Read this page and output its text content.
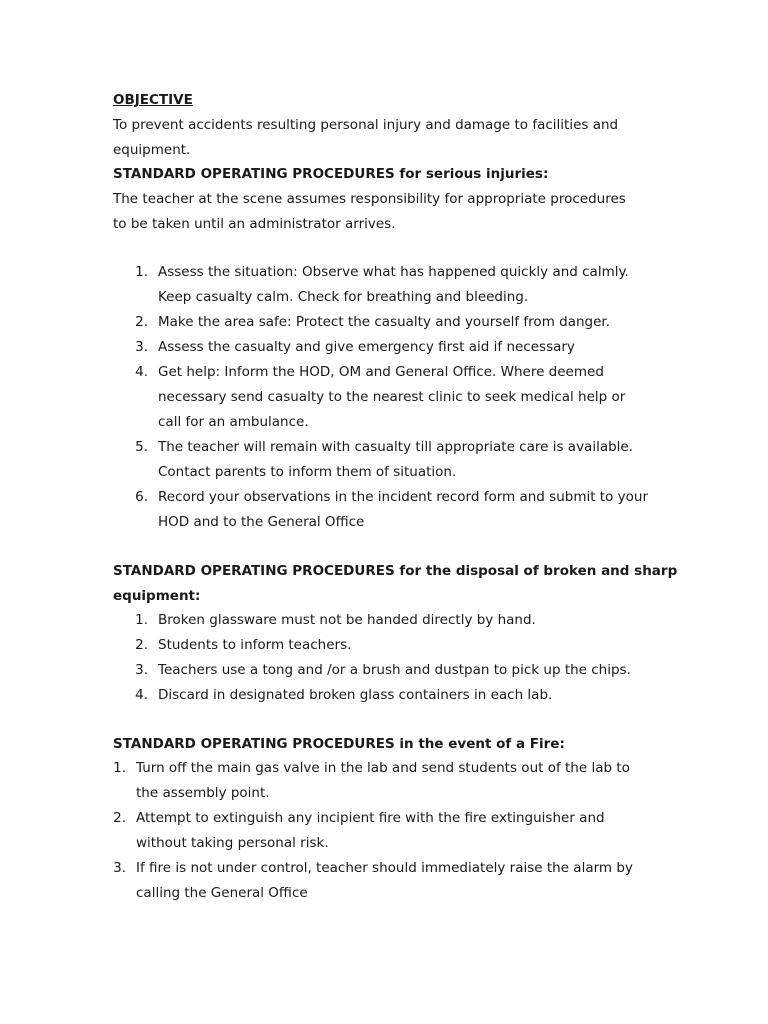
OBJECTIVE
To prevent accidents resulting personal injury and damage to facilities and equipment.
STANDARD OPERATING PROCEDURES for serious injuries:
The teacher at the scene assumes responsibility for appropriate procedures to be taken until an administrator arrives.
1. Assess the situation: Observe what has happened quickly and calmly. Keep casualty calm. Check for breathing and bleeding.
2. Make the area safe: Protect the casualty and yourself from danger.
3. Assess the casualty and give emergency first aid if necessary
4. Get help: Inform the HOD, OM and General Office. Where deemed necessary send casualty to the nearest clinic to seek medical help or call for an ambulance.
5. The teacher will remain with casualty till appropriate care is available. Contact parents to inform them of situation.
6. Record your observations in the incident record form and submit to your HOD and to the General Office
STANDARD OPERATING PROCEDURES for the disposal of broken and sharp
equipment:
1. Broken glassware must not be handed directly by hand.
2. Students to inform teachers.
3. Teachers use a tong and /or a brush and dustpan to pick up the chips.
4. Discard in designated broken glass containers in each lab.
STANDARD OPERATING PROCEDURES in the event of a Fire:
1. Turn off the main gas valve in the lab and send students out of the lab to the assembly point.
2. Attempt to extinguish any incipient fire with the fire extinguisher and without taking personal risk.
3. If fire is not under control, teacher should immediately raise the alarm by calling the General Office
